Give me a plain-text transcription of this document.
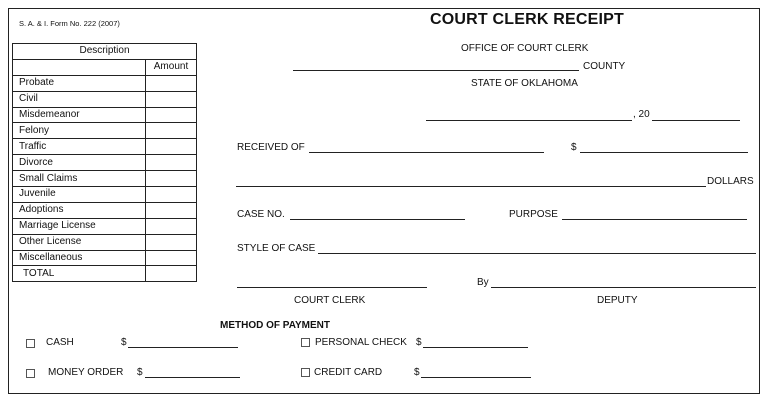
S. A. & I. Form No. 222 (2007)	COURT CLERK RECEIPT
Description	
	Amount
Probate	
Civil	
Misdemeanor	
Felony	
Traffic	
Divorce	
Small Claims	
Juvenile	
Adoptions	
Marriage License	
Other License	
Miscellaneous	
TOTAL	
OFFICE OF COURT CLERK
COUNTY
STATE OF OKLAHOMA
, 20
RECEIVED OF	$
DOLLARS
CASE NO.	PURPOSE
STYLE OF CASE
By
COURT CLERK	DEPUTY
METHOD OF PAYMENT
CASH	$	PERSONAL CHECK $
MONEY ORDER $	CREDIT CARD	$
